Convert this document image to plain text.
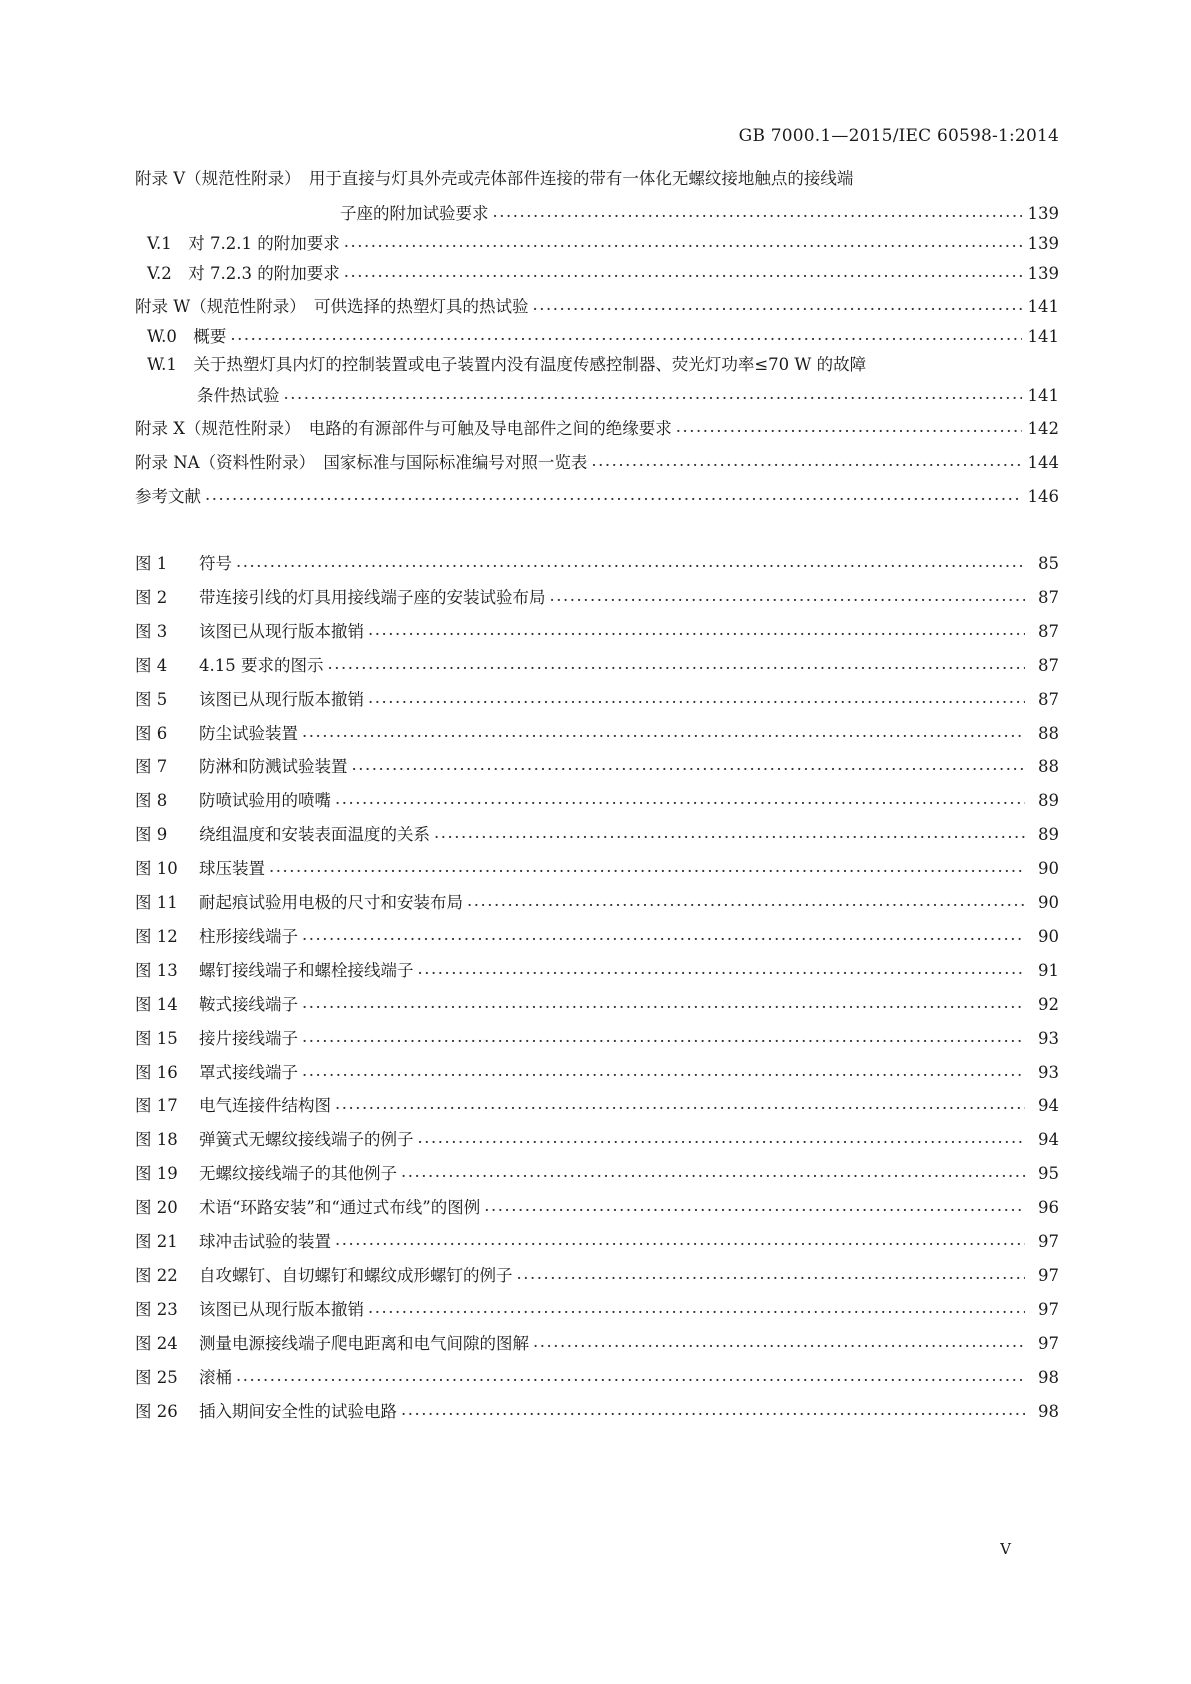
GB 7000.1—2015/IEC 60598-1:2014
附录 V（规范性附录）　用于直接与灯具外壳或壳体部件连接的带有一体化无螺纹接地触点的接线端
子座的附加试验要求 ·····	139
V.1　对 7.2.1 的附加要求 ·····	139
V.2　对 7.2.3 的附加要求 ·····	139
附录 W（规范性附录）　可供选择的热塑灯具的热试验 ·····	141
W.0　概要 ·····	141
W.1　关于热塑灯具内灯的控制装置或电子装置内没有温度传感控制器、荧光灯功率≤70 W 的故障
条件热试验 ·····	141
附录 X（规范性附录）　电路的有源部件与可触及导电部件之间的绝缘要求 ·····	142
附录 NA（资料性附录）　国家标准与国际标准编号对照一览表 ·····	144
参考文献 ·····	146
图 1 符号 ·····	85
图 2 带连接引线的灯具用接线端子座的安装试验布局 ·····	87
图 3 该图已从现行版本撤销 ·····	87
图 4 4.15 要求的图示 ·····	87
图 5 该图已从现行版本撤销 ·····	87
图 6 防尘试验装置 ·····	88
图 7 防淋和防溅试验装置 ·····	88
图 8 防喷试验用的喷嘴 ·····	89
图 9 绕组温度和安装表面温度的关系 ·····	89
图 10 球压装置 ·····	90
图 11 耐起痕试验用电极的尺寸和安装布局 ·····	90
图 12 柱形接线端子 ·····	90
图 13 螺钉接线端子和螺栓接线端子 ·····	91
图 14 鞍式接线端子 ·····	92
图 15 接片接线端子 ·····	93
图 16 罩式接线端子 ·····	93
图 17 电气连接件结构图 ·····	94
图 18 弹簧式无螺纹接线端子的例子 ·····	94
图 19 无螺纹接线端子的其他例子 ·····	95
图 20 术语“环路安装”和“通过式布线”的图例 ·····	96
图 21 球冲击试验的装置 ·····	97
图 22 自攻螺钉、自切螺钉和螺纹成形螺钉的例子 ·····	97
图 23 该图已从现行版本撤销 ·····	97
图 24 测量电源接线端子爬电距离和电气间隙的图解 ·····	97
图 25 滚桶 ·····	98
图 26 插入期间安全性的试验电路 ·····	98
V
